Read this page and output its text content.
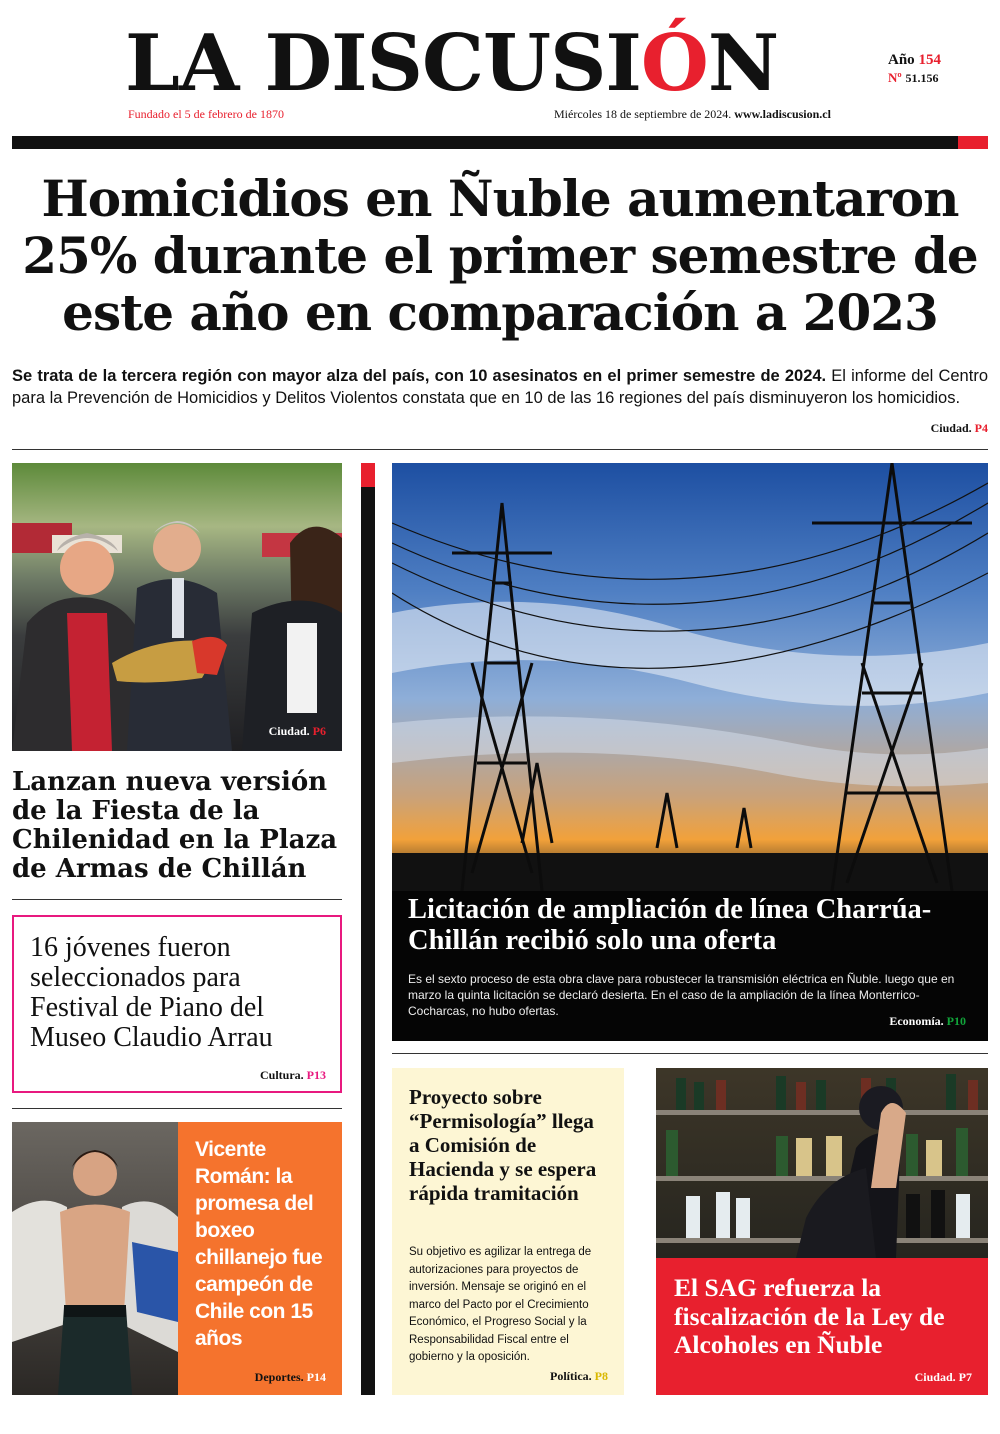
LA DISCUSIÓN	Año 154
Nº 51.156
Fundado el 5 de febrero de 1870	Miércoles 18 de septiembre de 2024. www.ladiscusion.cl
Homicidios en Ñuble aumentaron 25% durante el primer semestre de este año en comparación a 2023

Se trata de la tercera región con mayor alza del país, con 10 asesinatos en el primer semestre de 2024. El informe del Centro para la Prevención de Homicidios y Delitos Violentos constata que en 10 de las 16 regiones del país disminuyeron los homicidios.

Ciudad. P4
Ciudad. P6
Lanzan nueva versión de la Fiesta de la Chilenidad en la Plaza de Armas de Chillán
16 jóvenes fueron seleccionados para Festival de Piano del Museo Claudio Arrau
Cultura. P13
Vicente Román: la promesa del boxeo chillanejo fue campeón de Chile con 15 años
Deportes. P14
Licitación de ampliación de línea Charrúa-Chillán recibió solo una oferta

Es el sexto proceso de esta obra clave para robustecer la transmisión eléctrica en Ñuble. luego que en marzo la quinta licitación se declaró desierta. En el caso de la ampliación de la línea Monterrico-Cocharcas, no hubo ofertas.

Economía. P10
Proyecto sobre “Permisología” llega a Comisión de Hacienda y se espera rápida tramitación

Su objetivo es agilizar la entrega de autorizaciones para proyectos de inversión. Mensaje se originó en el marco del Pacto por el Crecimiento Económico, el Progreso Social y la Responsabilidad Fiscal entre el gobierno y la oposición.

Política. P8
El SAG refuerza la fiscalización de la Ley de Alcoholes en Ñuble
Ciudad. P7
